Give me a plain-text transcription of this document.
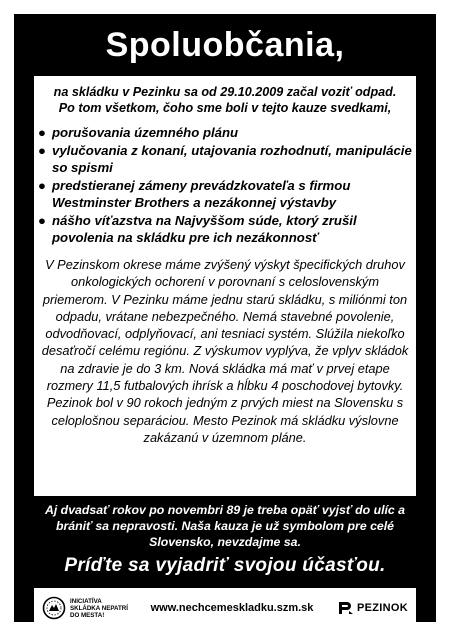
Spoluobčania,

na skládku v Pezinku sa od 29.10.2009 začal voziť odpad.

Po tom všetkom, čoho sme boli v tejto kauze svedkami,

● porušovania územného plánu
● vylučovania z konaní, utajovania rozhodnutí, manipulácie so spismi
● predstieranej zámeny prevádzkovateľa s firmou Westminster Brothers a nezákonnej výstavby
● nášho víťazstva na Najvyššom súde, ktorý zrušil povolenia na skládku pre ich nezákonnosť

V Pezinskom okrese máme zvýšený výskyt špecifických druhov onkologických ochorení v porovnaní s celoslovenským priemerom. V Pezinku máme jednu starú skládku, s miliónmi ton odpadu, vrátane nebezpečného. Nemá stavebné povolenie, odvodňovací, odplyňovací, ani tesniaci systém. Slúžila niekoľko desaťročí celému regiónu. Z výskumov vyplýva, že vplyv skládok na zdravie je do 3 km. Nová skládka má mať v prvej etape rozmery 11,5 futbalových ihrísk a hĺbku 4 poschodovej bytovky. Pezinok bol v 90 rokoch jedným z prvých miest na Slovensku s celoplošnou separáciou. Mesto Pezinok má skládku výslovne zakázanú v územnom pláne.

Aj dvadsať rokov po novembri 89 je treba opäť vyjsť do ulíc a brániť sa nepravosti. Naša kauza je už symbolom pre celé Slovensko, nevzdajme sa.

Príďte sa vyjadriť svojou účasťou.

INICIATÍVA
SKLÁDKA NEPATRÍ
DO MESTA!
www.nechcemeskladku.szm.sk	PEZINOK
